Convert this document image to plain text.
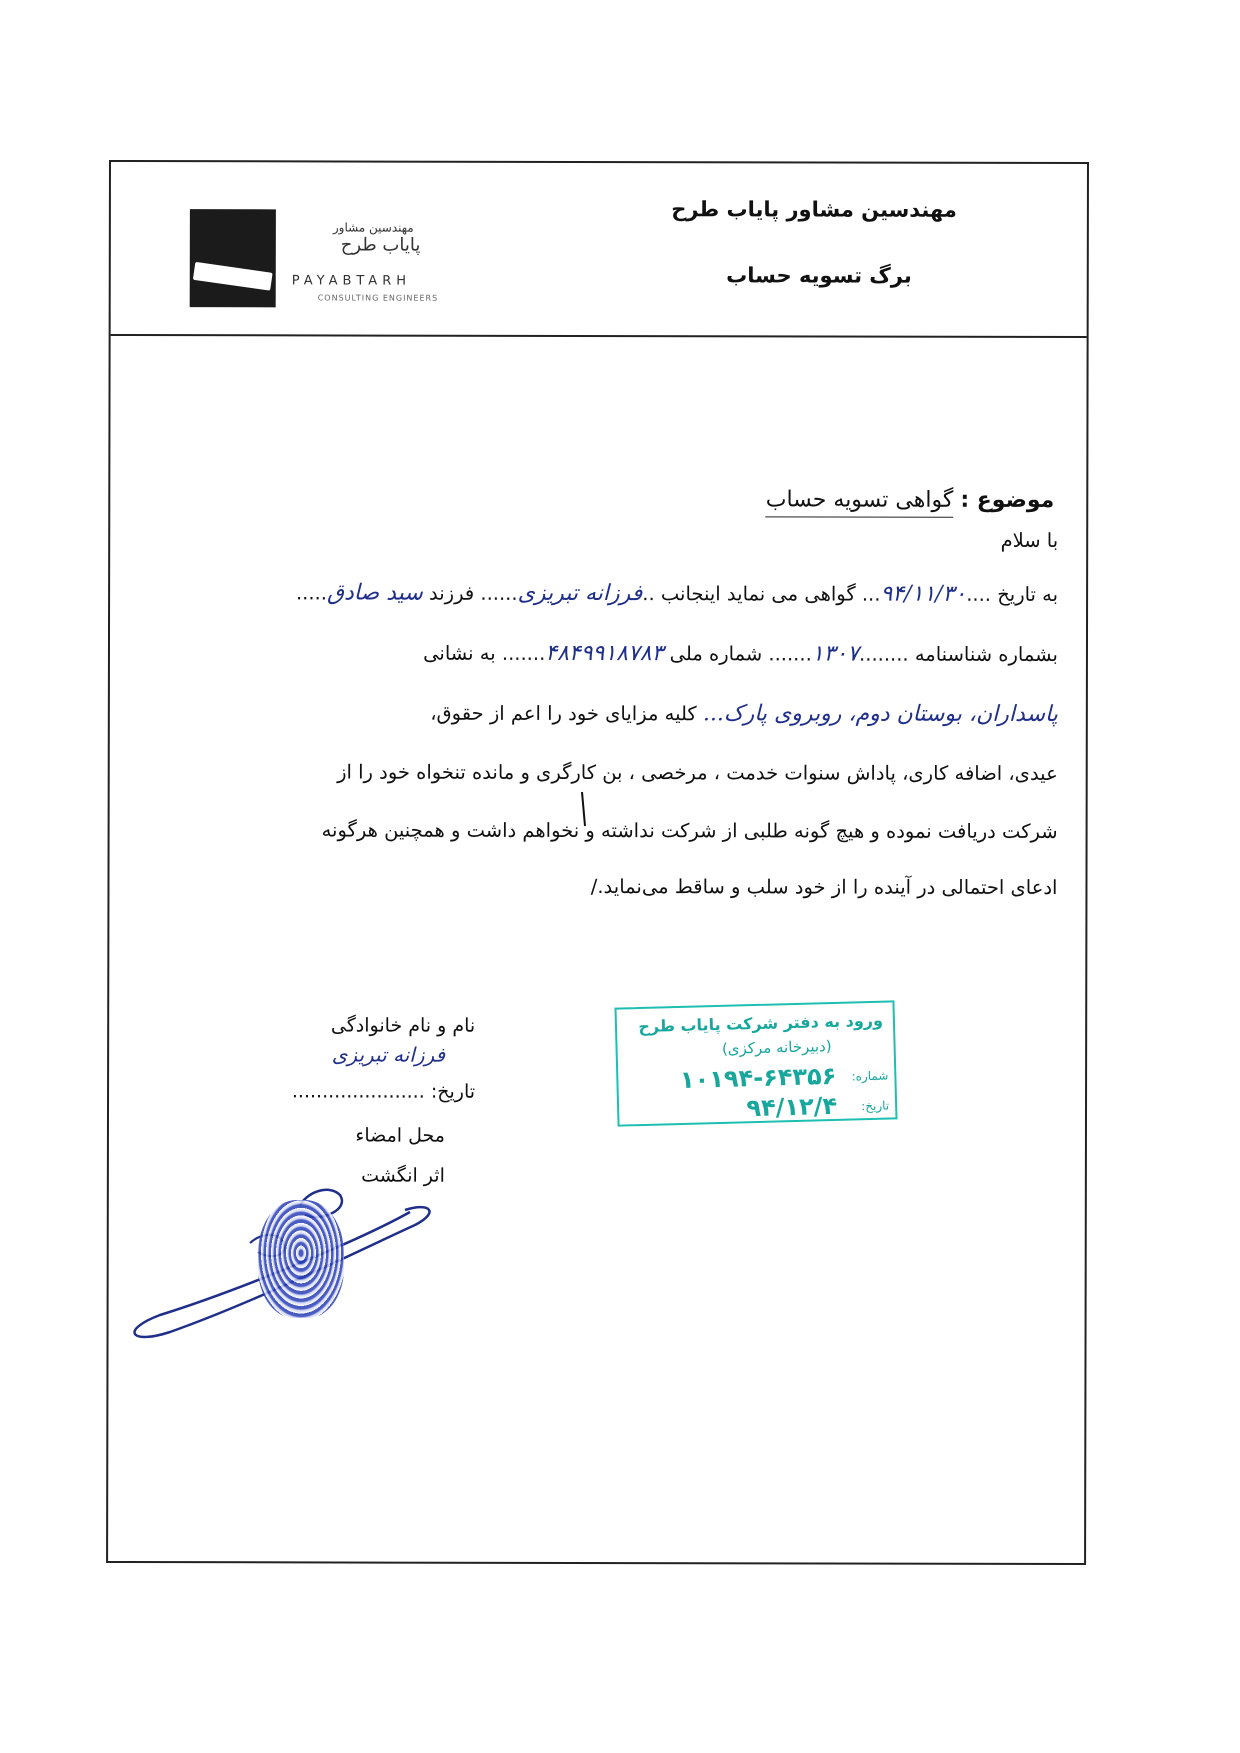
مهندسین مشاور پایاب طرح
برگ تسویه حساب
مهندسین مشاور
پایاب طرح
PAYABTARH
CONSULTING ENGINEERS
موضوع : گواهی تسویه حساب
با سلام
به تاریخ ....۹۴/۱۱/۳۰... گواهی می نماید اینجانب ..فرزانه تبریزی...... فرزند سید صادق.....
بشماره شناسنامه ........۱۳۰۷....... شماره ملی ۴۸۴۹۹۱۸۷۸۳....... به نشانی
پاسداران، بوستان دوم، روبروی پارک... کلیه مزایای خود را اعم از حقوق،
عیدی، اضافه کاری، پاداش سنوات خدمت ، مرخصی ، بن کارگری و مانده تنخواه خود را از
شرکت دریافت نموده و هیچ گونه طلبی از شرکت نداشته و نخواهم داشت و همچنین هرگونه
ادعای احتمالی در آینده را از خود سلب و ساقط می‌نماید./
نام و نام خانوادگی
فرزانه تبریزی
تاریخ: ......................
محل امضاء
اثر انگشت
ورود به دفتر شرکت پایاب طرح
(دبیرخانه مرکزی)
شماره:
۱۰۱۹۴-۶۴۳۵۶
تاریخ:
۹۴/۱۲/۴
